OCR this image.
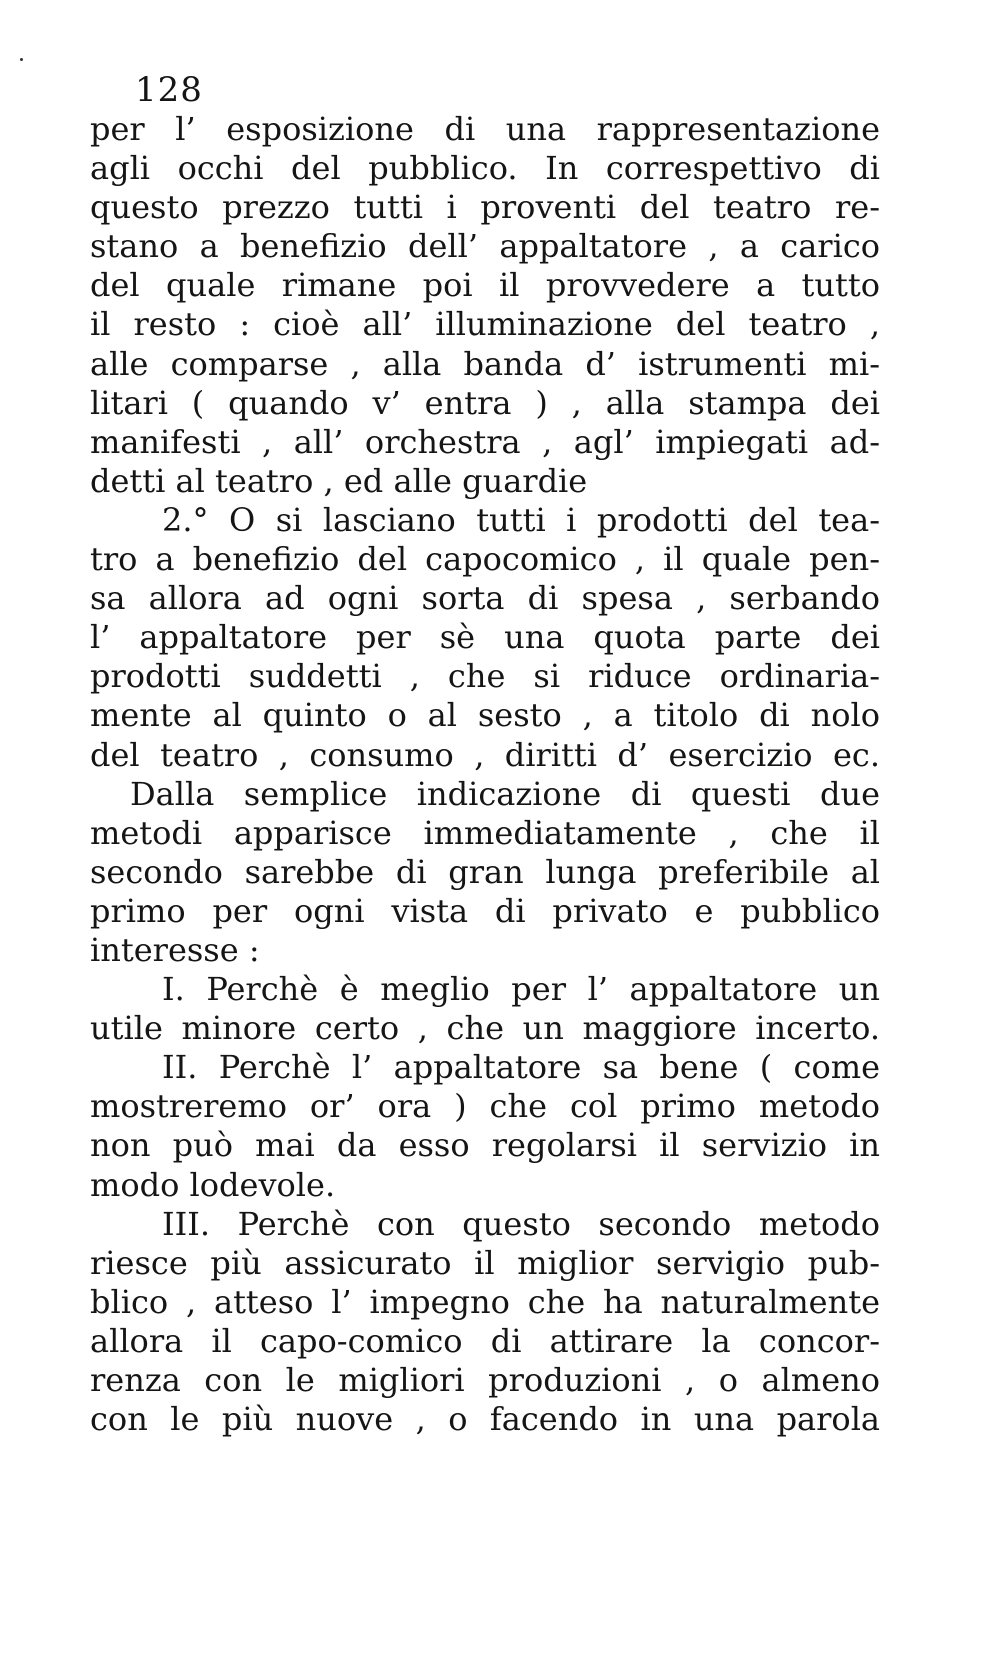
128
per l’ esposizione di una rappresentazione
agli occhi del pubblico. In correspettivo di
questo prezzo tutti i proventi del teatro re-
stano a benefizio dell’ appaltatore , a carico
del quale rimane poi il provvedere a tutto
il resto : cioè all’ illuminazione del teatro ,
alle comparse , alla banda d’ istrumenti mi-
litari ( quando v’ entra ) , alla stampa dei
manifesti , all’ orchestra , agl’ impiegati ad-
detti al teatro , ed alle guardie
2.° O si lasciano tutti i prodotti del tea-
tro a benefizio del capocomico , il quale pen-
sa allora ad ogni sorta di spesa , serbando
l’ appaltatore per sè una quota parte dei
prodotti suddetti , che si riduce ordinaria-
mente al quinto o al sesto , a titolo di nolo
del teatro , consumo , diritti d’ esercizio ec.
Dalla semplice indicazione di questi due
metodi apparisce immediatamente , che il
secondo sarebbe di gran lunga preferibile al
primo per ogni vista di privato e pubblico
interesse :
I. Perchè è meglio per l’ appaltatore un
utile minore certo , che un maggiore incerto.
II. Perchè l’ appaltatore sa bene ( come
mostreremo or’ ora ) che col primo metodo
non può mai da esso regolarsi il servizio in
modo lodevole.
III. Perchè con questo secondo metodo
riesce più assicurato il miglior servigio pub-
blico , atteso l’ impegno che ha naturalmente
allora il capo-comico di attirare la concor-
renza con le migliori produzioni , o almeno
con le più nuove , o facendo in una parola
